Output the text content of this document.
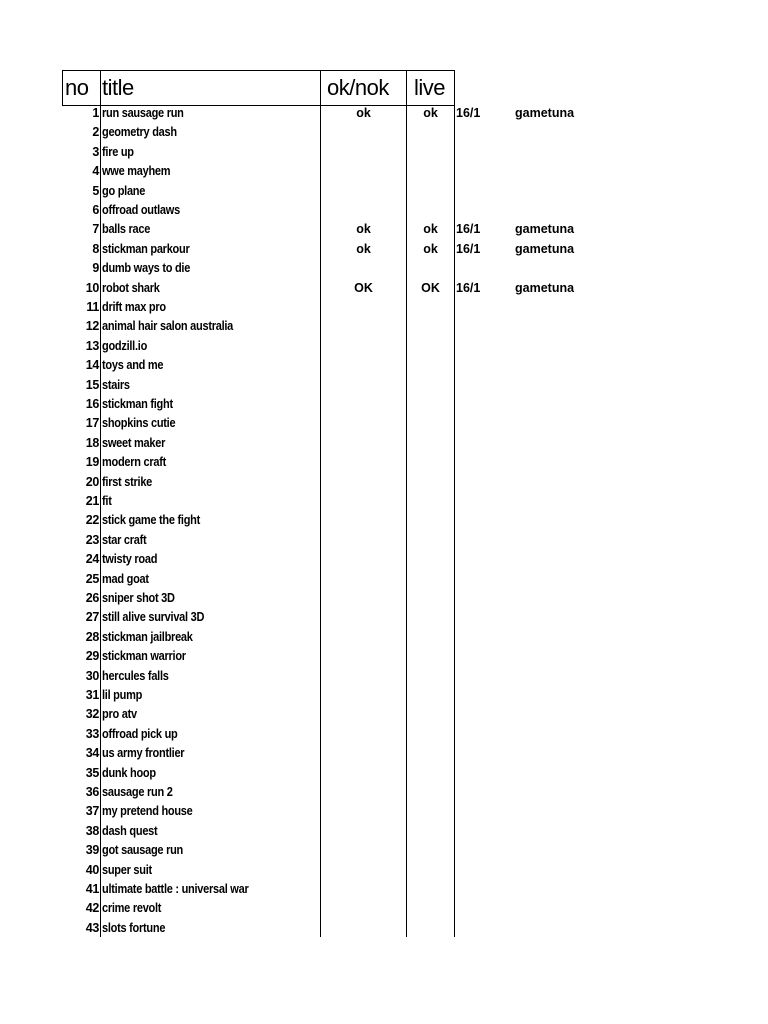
no title	ok/nok live
1 run sausage run	ok	ok	16/1	gametuna
2 geometry dash
3 fire up
4 wwe mayhem
5 go plane
6 offroad outlaws
7 balls race	ok	ok	16/1	gametuna
8 stickman parkour	ok	ok	16/1	gametuna
9 dumb ways to die
10 robot shark	OK	OK	16/1	gametuna
11 drift max pro
12 animal hair salon australia
13 godzill.io
14 toys and me
15 stairs
16 stickman fight
17 shopkins cutie
18 sweet maker
19 modern craft
20 first strike
21 fit
22 stick game the fight
23 star craft
24 twisty road
25 mad goat
26 sniper shot 3D
27 still alive survival 3D
28 stickman jailbreak
29 stickman warrior
30 hercules falls
31 lil pump
32 pro atv
33 offroad pick up
34 us army frontlier
35 dunk hoop
36 sausage run 2
37 my pretend house
38 dash quest
39 got sausage run
40 super suit
41 ultimate battle : universal war
42 crime revolt
43 slots fortune
